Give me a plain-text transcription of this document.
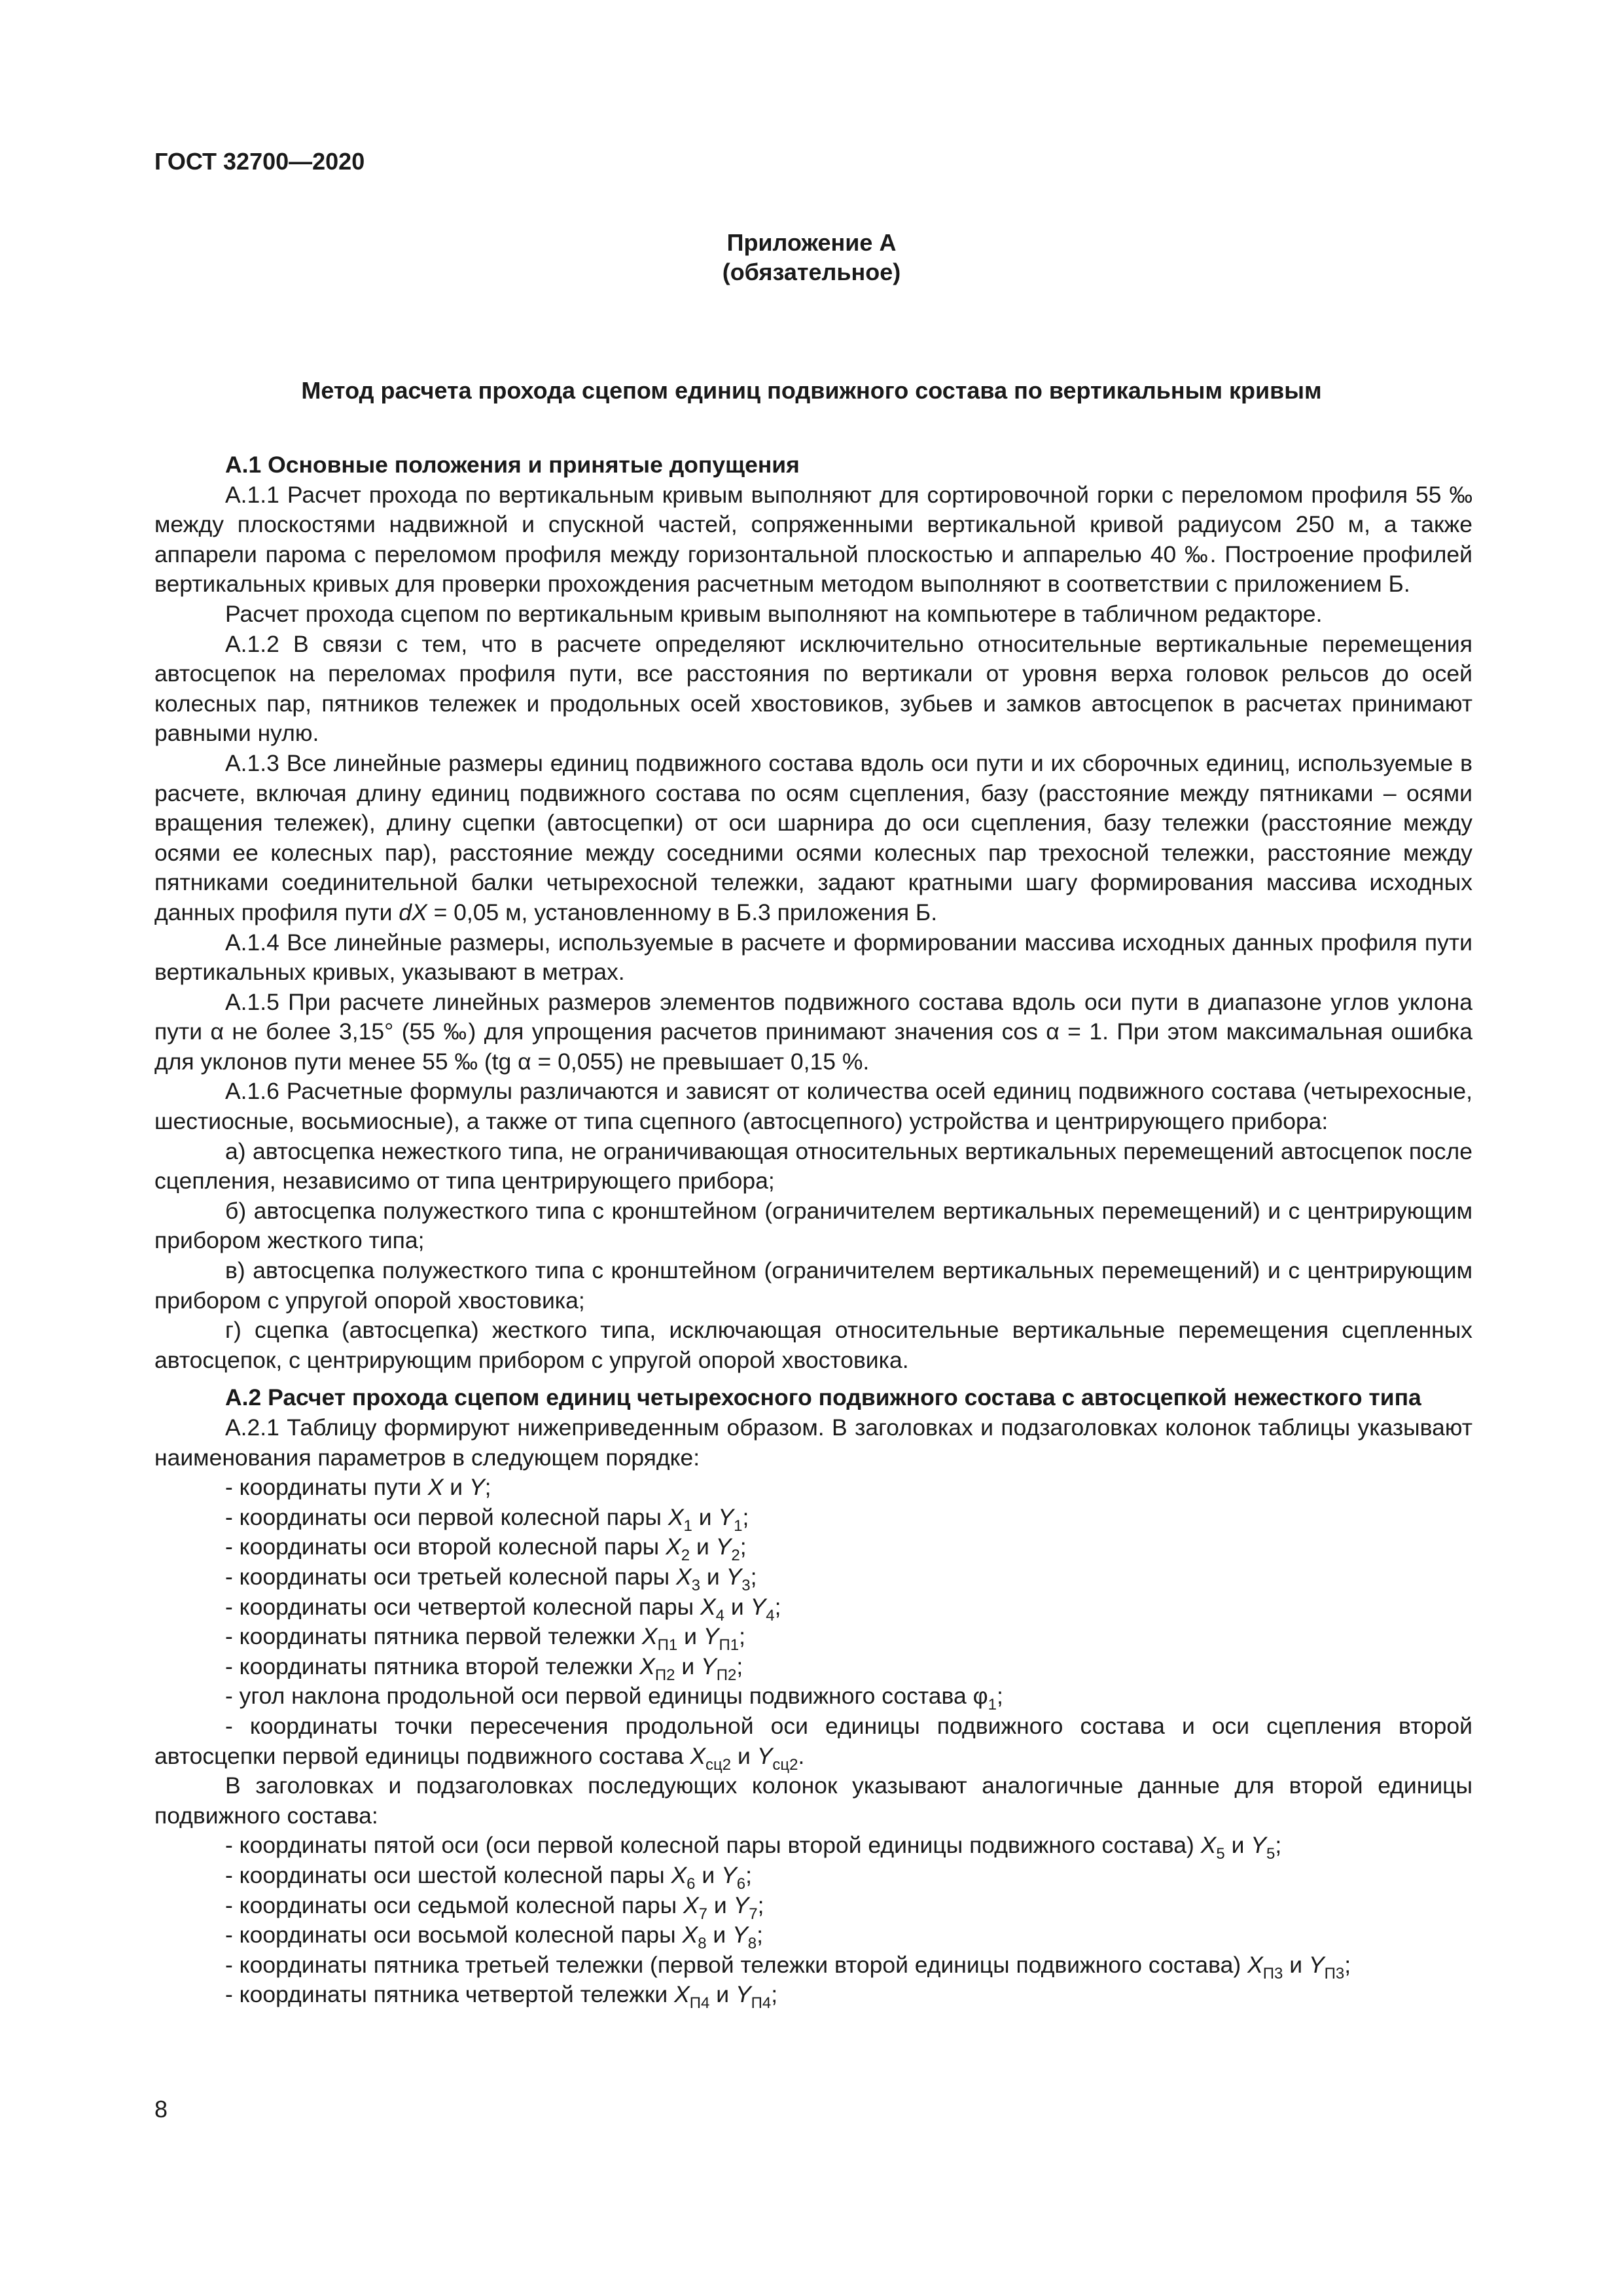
ГОСТ 32700—2020
Приложение А
(обязательное)
Метод расчета прохода сцепом единиц подвижного состава по вертикальным кривым

А.1 Основные положения и принятые допущения

А.1.1 Расчет прохода по вертикальным кривым выполняют для сортировочной горки с переломом профиля 55 ‰ между плоскостями надвижной и спускной частей, сопряженными вертикальной кривой радиусом 250 м, а также аппарели парома с переломом профиля между горизонтальной плоскостью и аппарелью 40 ‰. Построение профилей вертикальных кривых для проверки прохождения расчетным методом выполняют в соответствии с приложением Б.

Расчет прохода сцепом по вертикальным кривым выполняют на компьютере в табличном редакторе.

А.1.2 В связи с тем, что в расчете определяют исключительно относительные вертикальные перемещения автосцепок на переломах профиля пути, все расстояния по вертикали от уровня верха головок рельсов до осей колесных пар, пятников тележек и продольных осей хвостовиков, зубьев и замков автосцепок в расчетах принимают равными нулю.

А.1.3 Все линейные размеры единиц подвижного состава вдоль оси пути и их сборочных единиц, используемые в расчете, включая длину единиц подвижного состава по осям сцепления, базу (расстояние между пятниками – осями вращения тележек), длину сцепки (автосцепки) от оси шарнира до оси сцепления, базу тележки (расстояние между осями ее колесных пар), расстояние между соседними осями колесных пар трехосной тележки, расстояние между пятниками соединительной балки четырехосной тележки, задают кратными шагу формирования массива исходных данных профиля пути dX = 0,05 м, установленному в Б.3 приложения Б.

А.1.4 Все линейные размеры, используемые в расчете и формировании массива исходных данных профиля пути вертикальных кривых, указывают в метрах.

А.1.5 При расчете линейных размеров элементов подвижного состава вдоль оси пути в диапазоне углов уклона пути α не более 3,15° (55 ‰) для упрощения расчетов принимают значения cos α = 1. При этом максимальная ошибка для уклонов пути менее 55 ‰ (tg α = 0,055) не превышает 0,15 %.

А.1.6 Расчетные формулы различаются и зависят от количества осей единиц подвижного состава (четырехосные, шестиосные, восьмиосные), а также от типа сцепного (автосцепного) устройства и центрирующего прибора:

а) автосцепка нежесткого типа, не ограничивающая относительных вертикальных перемещений автосцепок после сцепления, независимо от типа центрирующего прибора;

б) автосцепка полужесткого типа с кронштейном (ограничителем вертикальных перемещений) и с центрирующим прибором жесткого типа;

в) автосцепка полужесткого типа с кронштейном (ограничителем вертикальных перемещений) и с центрирующим прибором с упругой опорой хвостовика;

г) сцепка (автосцепка) жесткого типа, исключающая относительные вертикальные перемещения сцепленных автосцепок, с центрирующим прибором с упругой опорой хвостовика.

А.2 Расчет прохода сцепом единиц четырехосного подвижного состава с автосцепкой нежесткого типа

А.2.1 Таблицу формируют нижеприведенным образом. В заголовках и подзаголовках колонок таблицы указывают наименования параметров в следующем порядке:

- координаты пути X и Y;

- координаты оси первой колесной пары $X_1$ и $Y_1$;

- координаты оси второй колесной пары $X_2$ и $Y_2$;

- координаты оси третьей колесной пары $X_3$ и $Y_3$;

- координаты оси четвертой колесной пары $X_4$ и $Y_4$;

- координаты пятника первой тележки $X_{П1}$ и $Y_{П1}$;

- координаты пятника второй тележки $X_{П2}$ и $Y_{П2}$;

- угол наклона продольной оси первой единицы подвижного состава $\varphi_1$;

- координаты точки пересечения продольной оси единицы подвижного состава и оси сцепления второй автосцепки первой единицы подвижного состава $X_{сц2}$ и $Y_{сц2}$.

В заголовках и подзаголовках последующих колонок указывают аналогичные данные для второй единицы подвижного состава:

- координаты пятой оси (оси первой колесной пары второй единицы подвижного состава) $X_5$ и $Y_5$;

- координаты оси шестой колесной пары $X_6$ и $Y_6$;

- координаты оси седьмой колесной пары $X_7$ и $Y_7$;

- координаты оси восьмой колесной пары $X_8$ и $Y_8$;

- координаты пятника третьей тележки (первой тележки второй единицы подвижного состава) $X_{П3}$ и $Y_{П3}$;

- координаты пятника четвертой тележки $X_{П4}$ и $Y_{П4}$;

8
